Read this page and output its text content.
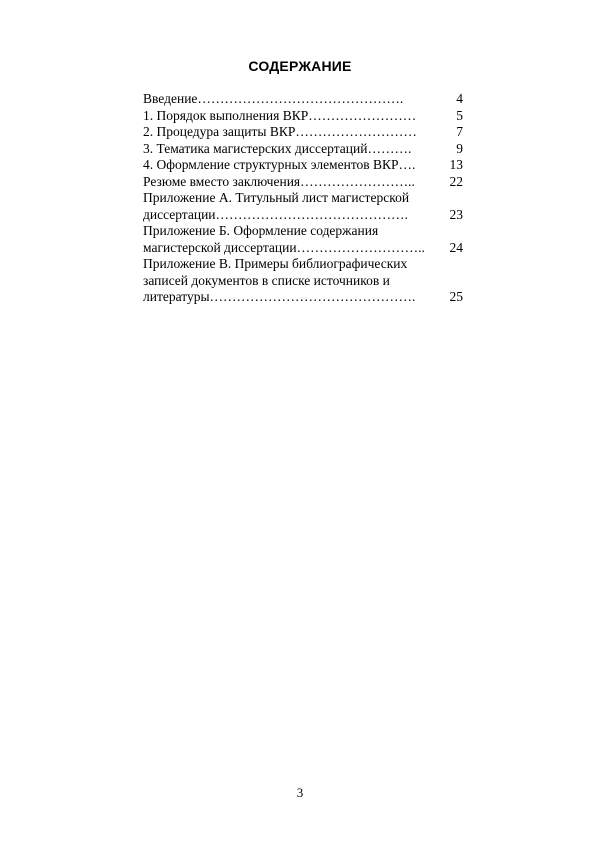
СОДЕРЖАНИЕ
Введение……………………………………….	4
1. Порядок выполнения ВКР……………………	5
2. Процедура защиты ВКР………………………	7
3. Тематика магистерских диссертаций……….	9
4. Оформление структурных элементов ВКР….	13
Резюме вместо заключения……………………..	22
Приложение А. Титульный лист магистерской
диссертации…………………………………….	23
Приложение Б. Оформление содержания
магистерской диссертации………………………..	24
Приложение В. Примеры библиографических
записей документов в списке источников и
литературы……………………………………….	25
3
